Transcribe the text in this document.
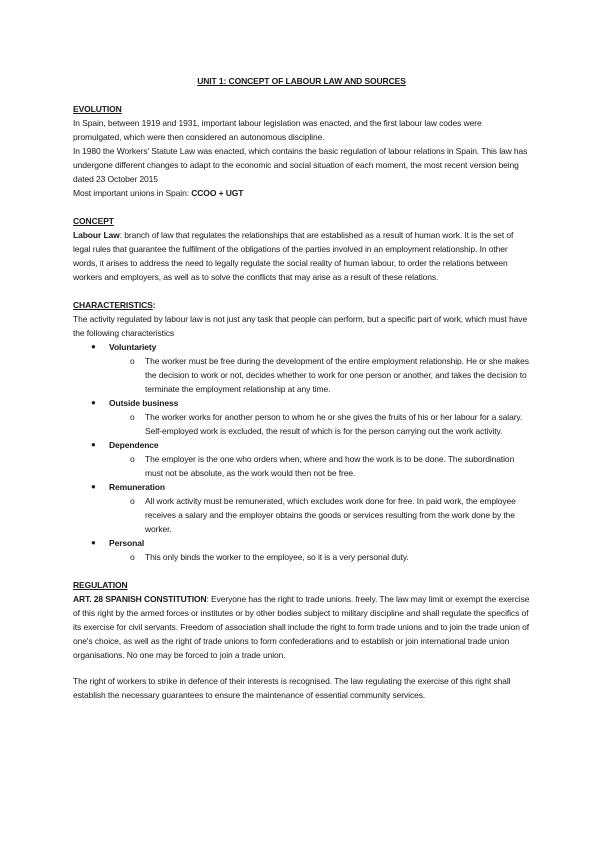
UNIT 1: CONCEPT OF LABOUR LAW AND SOURCES

EVOLUTION

In Spain, between 1919 and 1931, important labour legislation was enacted, and the first labour law codes were promulgated, which were then considered an autonomous discipline.

In 1980 the Workers' Statute Law was enacted, which contains the basic regulation of labour relations in Spain. This law has undergone different changes to adapt to the economic and social situation of each moment, the most recent version being dated 23 October 2015

Most important unions in Spain: CCOO + UGT

CONCEPT

Labour Law: branch of law that regulates the relationships that are established as a result of human work. It is the set of legal rules that guarantee the fulfilment of the obligations of the parties involved in an employment relationship. In other words, it arises to address the need to legally regulate the social reality of human labour, to order the relations between workers and employers, as well as to solve the conflicts that may arise as a result of these relations.

CHARACTERISTICS:

The activity regulated by labour law is not just any task that people can perform, but a specific part of work, which must have the following characteristics

● Voluntariety
o The worker must be free during the development of the entire employment relationship. He or she makes the decision to work or not, decides whether to work for one person or another, and takes the decision to terminate the employment relationship at any time.
● Outside business
o The worker works for another person to whom he or she gives the fruits of his or her labour for a salary. Self-employed work is excluded, the result of which is for the person carrying out the work activity.
● Dependence
o The employer is the one who orders when, where and how the work is to be done. The subordination must not be absolute, as the work would then not be free.
● Remuneration
o All work activity must be remunerated, which excludes work done for free. In paid work, the employee receives a salary and the employer obtains the goods or services resulting from the work done by the worker.
● Personal
o This only binds the worker to the employee, so it is a very personal duty.

REGULATION

ART. 28 SPANISH CONSTITUTION: Everyone has the right to trade unions. freely. The law may limit or exempt the exercise of this right by the armed forces or institutes or by other bodies subject to military discipline and shall regulate the specifics of its exercise for civil servants. Freedom of association shall include the right to form trade unions and to join the trade union of one's choice, as well as the right of trade unions to form confederations and to establish or join international trade union organisations. No one may be forced to join a trade union.

The right of workers to strike in defence of their interests is recognised. The law regulating the exercise of this right shall establish the necessary guarantees to ensure the maintenance of essential community services.
